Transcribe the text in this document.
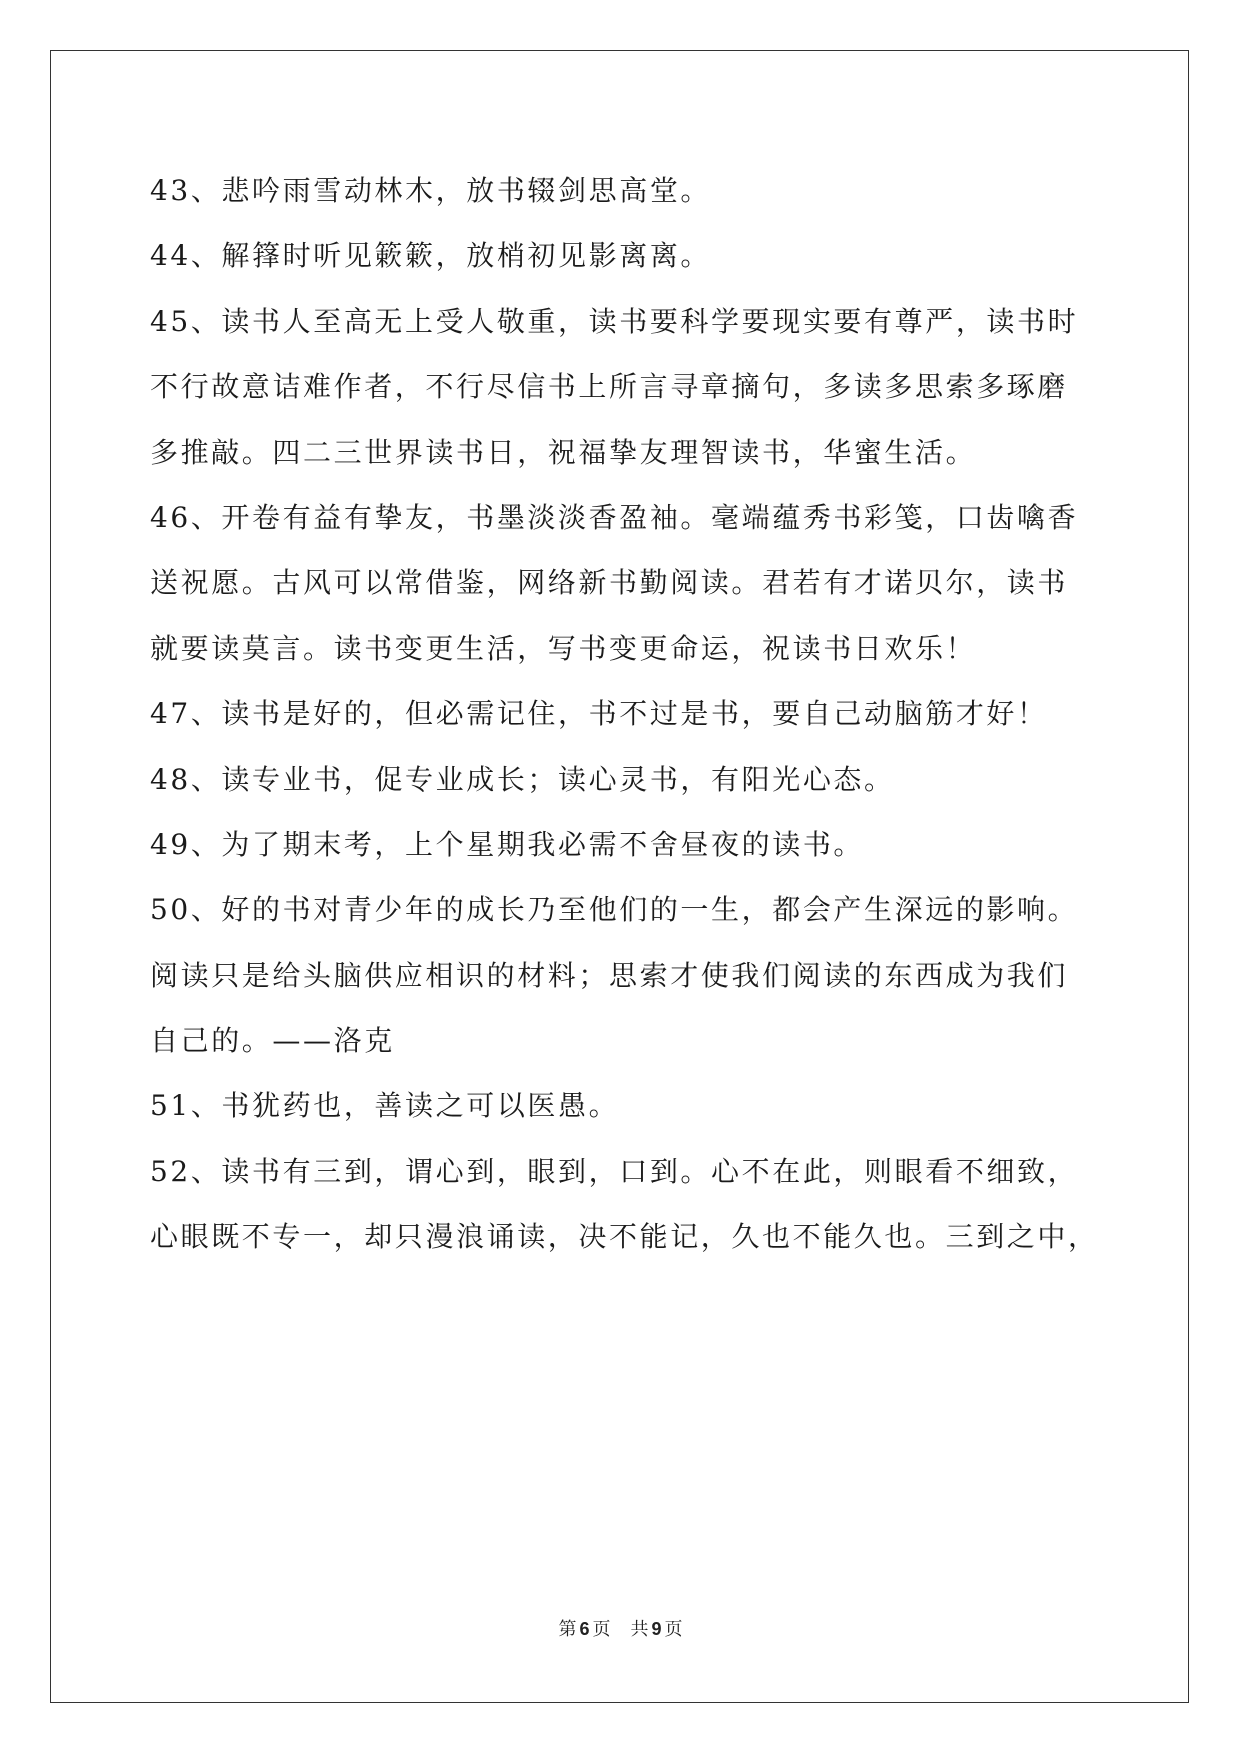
43、悲吟雨雪动林木，放书辍剑思高堂。
44、解箨时听见簌簌，放梢初见影离离。
45、读书人至高无上受人敬重，读书要科学要现实要有尊严，读书时
不行故意诘难作者，不行尽信书上所言寻章摘句，多读多思索多琢磨
多推敲。四二三世界读书日，祝福挚友理智读书，华蜜生活。
46、开卷有益有挚友，书墨淡淡香盈袖。毫端蕴秀书彩笺，口齿噙香
送祝愿。古风可以常借鉴，网络新书勤阅读。君若有才诺贝尔，读书
就要读莫言。读书变更生活，写书变更命运，祝读书日欢乐！
47、读书是好的，但必需记住，书不过是书，要自己动脑筋才好！
48、读专业书，促专业成长；读心灵书，有阳光心态。
49、为了期末考，上个星期我必需不舍昼夜的读书。
50、好的书对青少年的成长乃至他们的一生，都会产生深远的影响。
阅读只是给头脑供应相识的材料；思索才使我们阅读的东西成为我们
自己的。——洛克
51、书犹药也，善读之可以医愚。
52、读书有三到，谓心到，眼到，口到。心不在此，则眼看不细致，
心眼既不专一，却只漫浪诵读，决不能记，久也不能久也。三到之中，
第 6 页 共 9 页
